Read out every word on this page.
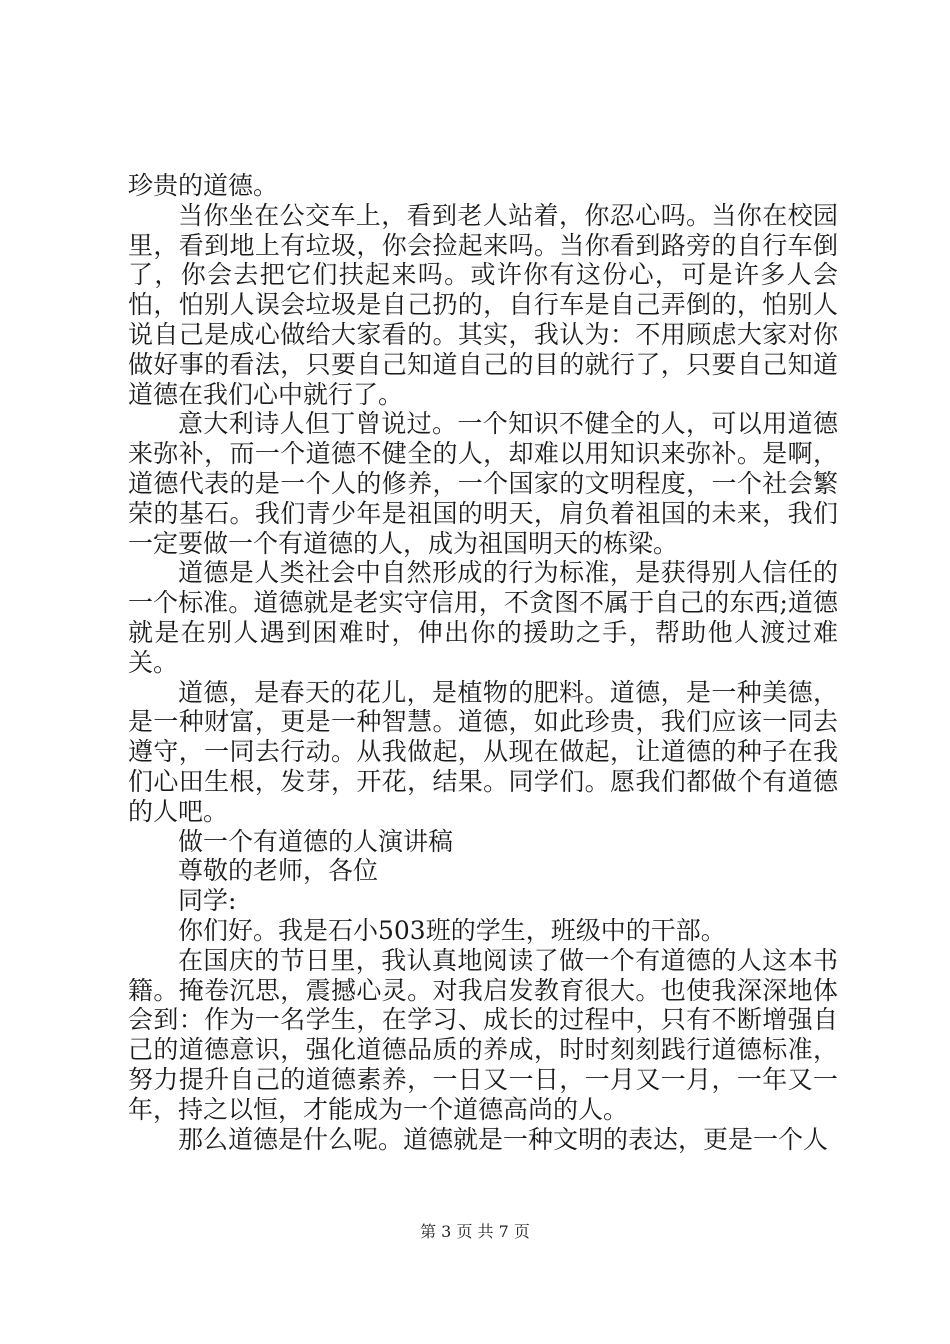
珍贵的道德。

当你坐在公交车上，看到老人站着，你忍心吗。当你在校园里，看到地上有垃圾，你会捡起来吗。当你看到路旁的自行车倒了，你会去把它们扶起来吗。或许你有这份心，可是许多人会怕，怕别人误会垃圾是自己扔的，自行车是自己弄倒的，怕别人说自己是成心做给大家看的。其实，我认为：不用顾虑大家对你做好事的看法，只要自己知道自己的目的就行了，只要自己知道道德在我们心中就行了。

意大利诗人但丁曾说过。一个知识不健全的人，可以用道德来弥补，而一个道德不健全的人，却难以用知识来弥补。是啊，道德代表的是一个人的修养，一个国家的文明程度，一个社会繁荣的基石。我们青少年是祖国的明天，肩负着祖国的未来，我们一定要做一个有道德的人，成为祖国明天的栋梁。

道德是人类社会中自然形成的行为标准，是获得别人信任的一个标准。道德就是老实守信用，不贪图不属于自己的东西;道德就是在别人遇到困难时，伸出你的援助之手，帮助他人渡过难关。

道德，是春天的花儿，是植物的肥料。道德，是一种美德，是一种财富，更是一种智慧。道德，如此珍贵，我们应该一同去遵守，一同去行动。从我做起，从现在做起，让道德的种子在我们心田生根，发芽，开花，结果。同学们。愿我们都做个有道德的人吧。

做一个有道德的人演讲稿

尊敬的老师，各位

同学:

你们好。我是石小503班的学生，班级中的干部。

在国庆的节日里，我认真地阅读了做一个有道德的人这本书籍。掩卷沉思，震撼心灵。对我启发教育很大。也使我深深地体会到：作为一名学生，在学习、成长的过程中，只有不断增强自己的道德意识，强化道德品质的养成，时时刻刻践行道德标准，努力提升自己的道德素养，一日又一日，一月又一月，一年又一年，持之以恒，才能成为一个道德高尚的人。

那么道德是什么呢。道德就是一种文明的表达，更是一个人

第 3 页 共 7 页
